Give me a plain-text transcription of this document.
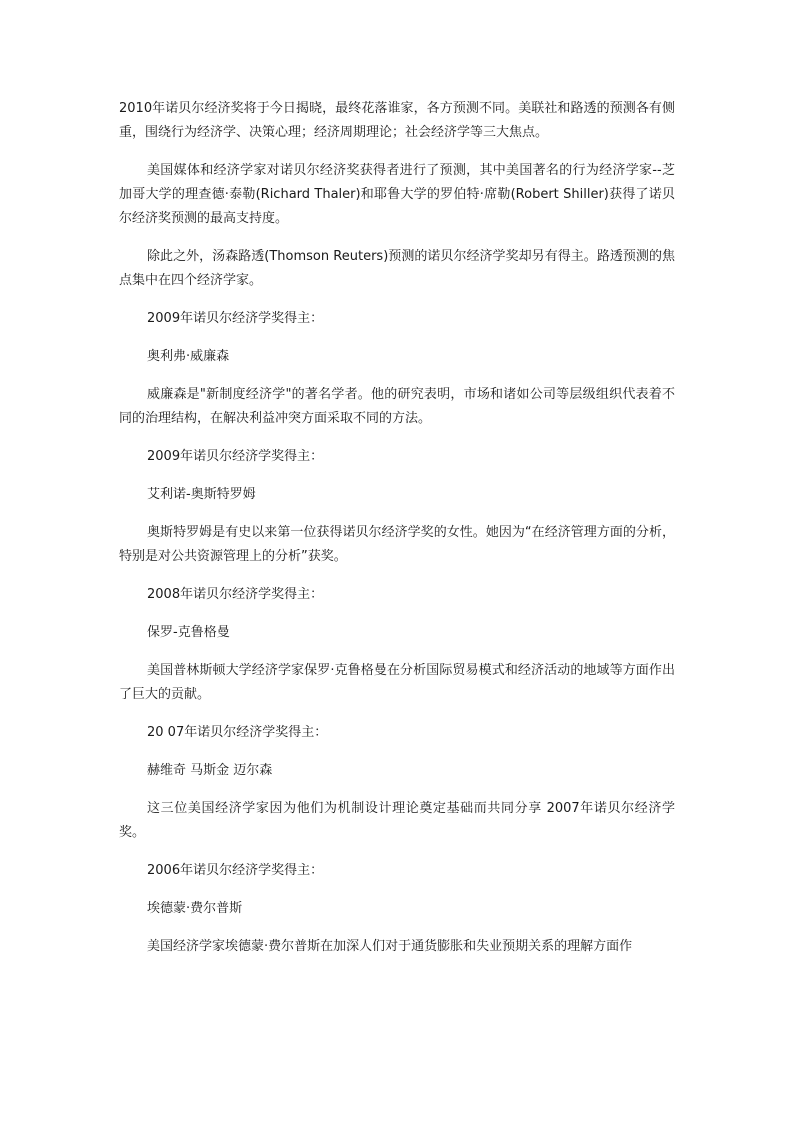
2010年诺贝尔经济奖将于今日揭晓，最终花落谁家，各方预测不同。美联社和路透的预测各有侧重，围绕行为经济学、决策心理；经济周期理论；社会经济学等三大焦点。

美国媒体和经济学家对诺贝尔经济奖获得者进行了预测，其中美国著名的行为经济学家--芝加哥大学的理查德·泰勒(Richard Thaler)和耶鲁大学的罗伯特·席勒(Robert Shiller)获得了诺贝尔经济奖预测的最高支持度。

除此之外，汤森路透(Thomson Reuters)预测的诺贝尔经济学奖却另有得主。路透预测的焦点集中在四个经济学家。

2009年诺贝尔经济学奖得主：

奥利弗·威廉森

威廉森是"新制度经济学"的著名学者。他的研究表明，市场和诸如公司等层级组织代表着不同的治理结构，在解决利益冲突方面采取不同的方法。

2009年诺贝尔经济学奖得主：

艾利诺-奥斯特罗姆

奥斯特罗姆是有史以来第一位获得诺贝尔经济学奖的女性。她因为“在经济管理方面的分析，特别是对公共资源管理上的分析”获奖。

2008年诺贝尔经济学奖得主：

保罗-克鲁格曼

美国普林斯顿大学经济学家保罗·克鲁格曼在分析国际贸易模式和经济活动的地域等方面作出了巨大的贡献。

20 07年诺贝尔经济学奖得主：

赫维奇 马斯金 迈尔森

这三位美国经济学家因为他们为机制设计理论奠定基础而共同分享 2007年诺贝尔经济学奖。

2006年诺贝尔经济学奖得主：

埃德蒙·费尔普斯

美国经济学家埃德蒙·费尔普斯在加深人们对于通货膨胀和失业预期关系的理解方面作
